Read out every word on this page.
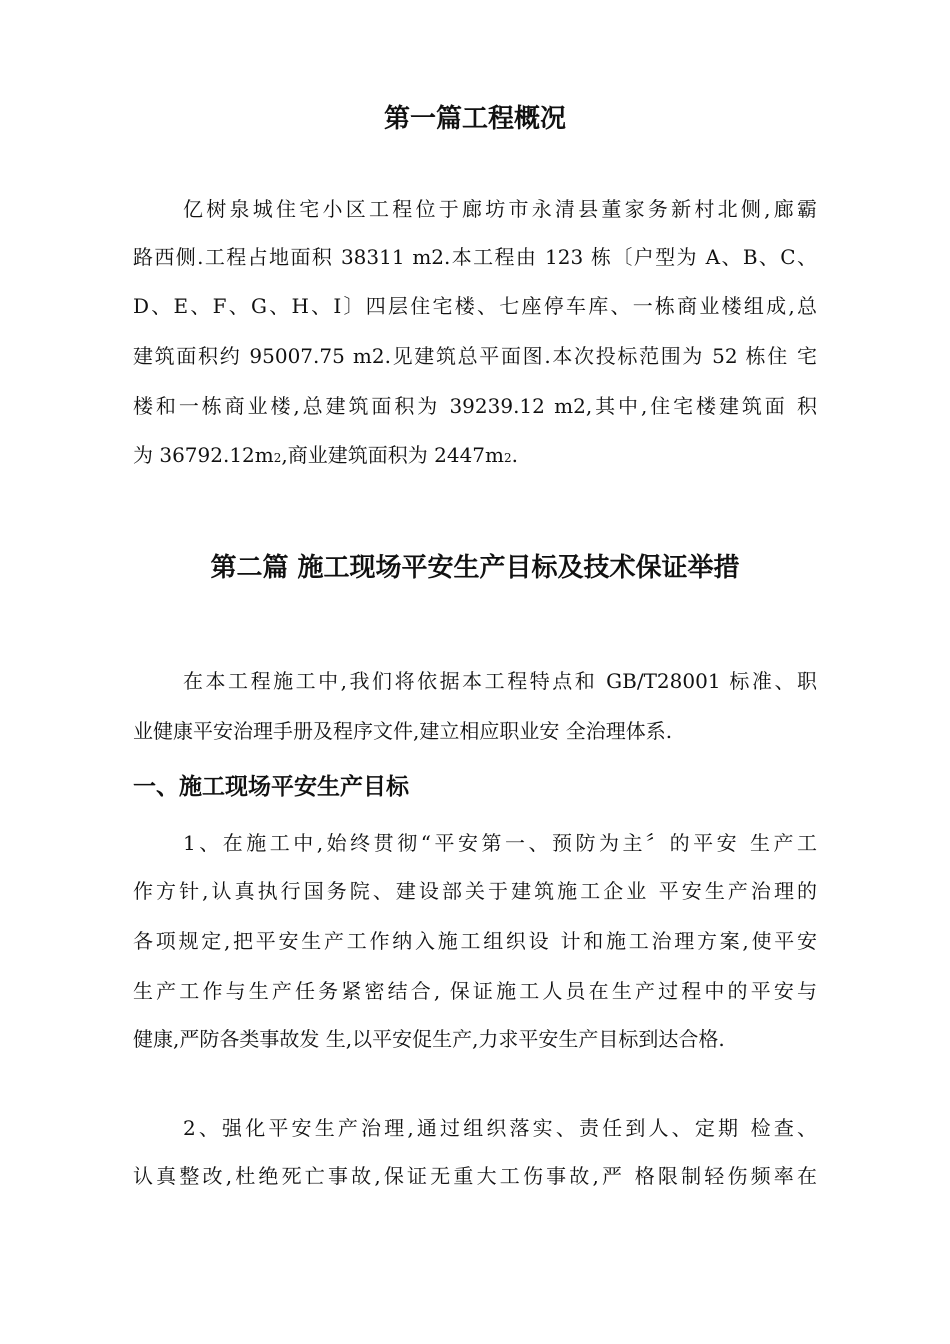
第一篇工程概况
亿树泉城住宅小区工程位于廊坊市永清县董家务新村北侧,廊霸
路西侧.工程占地面积 38311 m2.本工程由 123 栋〔户型为 A、B、C、
D、E、F、G、H、I〕四层住宅楼、七座停车库、一栋商业楼组成,总
建筑面积约 95007.75 m2.见建筑总平面图.本次投标范围为 52 栋住 宅
楼和一栋商业楼,总建筑面积为 39239.12 m2,其中,住宅楼建筑面 积
为 36792.12m2,商业建筑面积为 2447m2.
第二篇 施工现场平安生产目标及技术保证举措
在本工程施工中,我们将依据本工程特点和 GB/T28001 标准、职
业健康平安治理手册及程序文件,建立相应职业安 全治理体系.
一、施工现场平安生产目标
1、在施工中,始终贯彻“平安第一、预防为主〞的平安 生产工
作方针,认真执行国务院、建设部关于建筑施工企业 平安生产治理的
各项规定,把平安生产工作纳入施工组织设 计和施工治理方案,使平安
生产工作与生产任务紧密结合, 保证施工人员在生产过程中的平安与
健康,严防各类事故发 生,以平安促生产,力求平安生产目标到达合格.
2、强化平安生产治理,通过组织落实、责任到人、定期 检查、
认真整改,杜绝死亡事故,保证无重大工伤事故,严 格限制轻伤频率在
